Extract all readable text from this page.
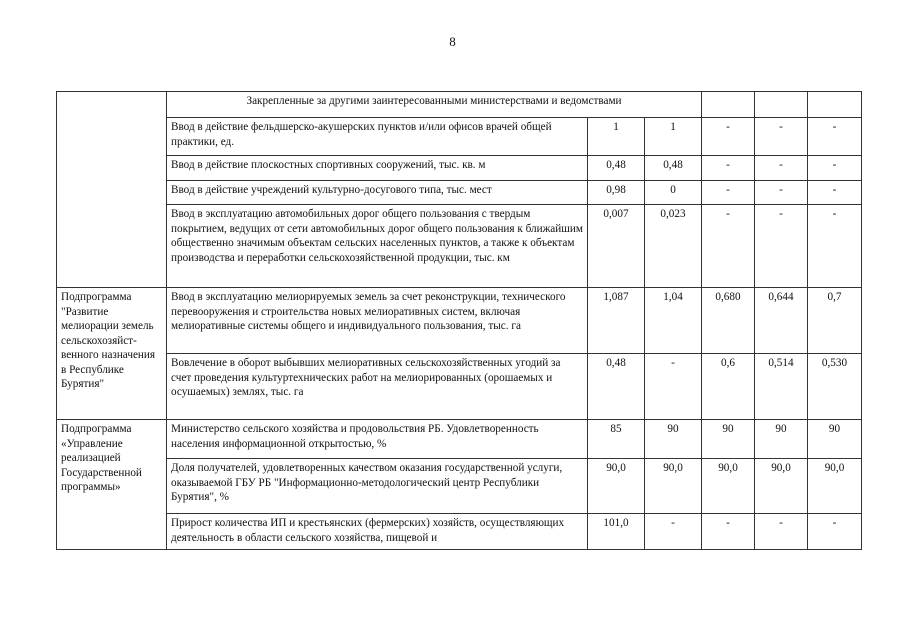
8
	Закрепленные за другими заинтересованными министерствами и ведомствами					
	Ввод в действие фельдшерско-акушерских пунктов и/или офисов врачей общей практики, ед.	1	1	-	-	-
	Ввод в действие плоскостных спортивных сооружений, тыс. кв. м	0,48	0,48	-	-	-
	Ввод в действие учреждений культурно-досугового типа, тыс. мест	0,98	0	-	-	-
	Ввод в эксплуатацию автомобильных дорог общего пользования с твердым покрытием, ведущих от сети автомобильных дорог общего пользования к ближайшим общественно значимым объектам сельских населенных пунктов, а также к объектам производства и переработки сельскохозяйственной продукции, тыс. км	0,007	0,023	-	-	-
Подпрограмма "Развитие мелиорации земель сельскохозяйст-венного назначения в Республике Бурятия"	Ввод в эксплуатацию мелиорируемых земель за счет реконструкции, технического перевооружения и строительства новых мелиоративных систем, включая мелиоративные системы общего и индивидуального пользования, тыс. га	1,087	1,04	0,680	0,644	0,7
	Вовлечение в оборот выбывших мелиоративных сельскохозяйственных угодий за счет проведения культуртехнических работ на мелиорированных (орошаемых и осушаемых) землях, тыс. га	0,48	-	0,6	0,514	0,530
Подпрограмма «Управление реализацией Государственной программы»	Министерство сельского хозяйства и продовольствия РБ. Удовлетворенность населения информационной открытостью, %	85	90	90	90	90
	Доля получателей, удовлетворенных качеством оказания государственной услуги, оказываемой ГБУ РБ "Информационно-методологический центр Республики Бурятия", %	90,0	90,0	90,0	90,0	90,0
	Прирост количества ИП и крестьянских (фермерских) хозяйств, осуществляющих деятельность в области сельского хозяйства, пищевой и	101,0	-	-	-	-
